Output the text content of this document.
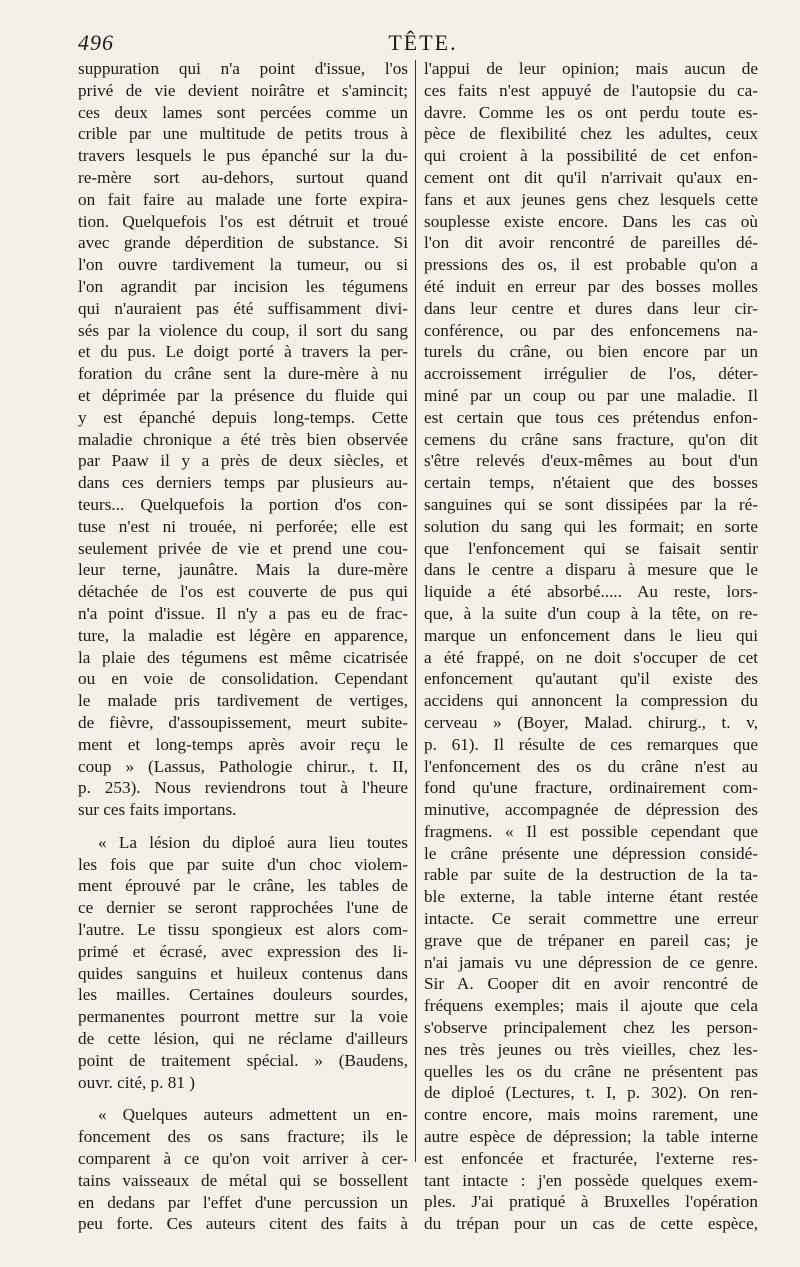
496	TÊTE.
suppuration qui n'a point d'issue, l'os
privé de vie devient noirâtre et s'amincit;
ces deux lames sont percées comme un
crible par une multitude de petits trous à
travers lesquels le pus épanché sur la du-
re-mère sort au-dehors, surtout quand
on fait faire au malade une forte expira-
tion. Quelquefois l'os est détruit et troué
avec grande déperdition de substance. Si
l'on ouvre tardivement la tumeur, ou si
l'on agrandit par incision les tégumens
qui n'auraient pas été suffisamment divi-
sés par la violence du coup, il sort du sang
et du pus. Le doigt porté à travers la per-
foration du crâne sent la dure-mère à nu
et déprimée par la présence du fluide qui
y est épanché depuis long-temps. Cette
maladie chronique a été très bien observée
par Paaw il y a près de deux siècles, et
dans ces derniers temps par plusieurs au-
teurs... Quelquefois la portion d'os con-
tuse n'est ni trouée, ni perforée; elle est
seulement privée de vie et prend une cou-
leur terne, jaunâtre. Mais la dure-mère
détachée de l'os est couverte de pus qui
n'a point d'issue. Il n'y a pas eu de frac-
ture, la maladie est légère en apparence,
la plaie des tégumens est même cicatrisée
ou en voie de consolidation. Cependant
le malade pris tardivement de vertiges,
de fièvre, d'assoupissement, meurt subite-
ment et long-temps après avoir reçu le
coup » (Lassus, Pathologie chirur., t. II,
p. 253). Nous reviendrons tout à l'heure
sur ces faits importans.
« La lésion du diploé aura lieu toutes
les fois que par suite d'un choc violem-
ment éprouvé par le crâne, les tables de
ce dernier se seront rapprochées l'une de
l'autre. Le tissu spongieux est alors com-
primé et écrasé, avec expression des li-
quides sanguins et huileux contenus dans
les mailles. Certaines douleurs sourdes,
permanentes pourront mettre sur la voie
de cette lésion, qui ne réclame d'ailleurs
point de traitement spécial. » (Baudens,
ouvr. cité, p. 81 )
« Quelques auteurs admettent un en-
foncement des os sans fracture; ils le
comparent à ce qu'on voit arriver à cer-
tains vaisseaux de métal qui se bossellent
en dedans par l'effet d'une percussion un
peu forte. Ces auteurs citent des faits à
l'appui de leur opinion; mais aucun de
ces faits n'est appuyé de l'autopsie du ca-
davre. Comme les os ont perdu toute es-
pèce de flexibilité chez les adultes, ceux
qui croient à la possibilité de cet enfon-
cement ont dit qu'il n'arrivait qu'aux en-
fans et aux jeunes gens chez lesquels cette
souplesse existe encore. Dans les cas où
l'on dit avoir rencontré de pareilles dé-
pressions des os, il est probable qu'on a
été induit en erreur par des bosses molles
dans leur centre et dures dans leur cir-
conférence, ou par des enfoncemens na-
turels du crâne, ou bien encore par un
accroissement irrégulier de l'os, déter-
miné par un coup ou par une maladie. Il
est certain que tous ces prétendus enfon-
cemens du crâne sans fracture, qu'on dit
s'être relevés d'eux-mêmes au bout d'un
certain temps, n'étaient que des bosses
sanguines qui se sont dissipées par la ré-
solution du sang qui les formait; en sorte
que l'enfoncement qui se faisait sentir
dans le centre a disparu à mesure que le
liquide a été absorbé..... Au reste, lors-
que, à la suite d'un coup à la tête, on re-
marque un enfoncement dans le lieu qui
a été frappé, on ne doit s'occuper de cet
enfoncement qu'autant qu'il existe des
accidens qui annoncent la compression du
cerveau » (Boyer, Malad. chirurg., t. v,
p. 61). Il résulte de ces remarques que
l'enfoncement des os du crâne n'est au
fond qu'une fracture, ordinairement com-
minutive, accompagnée de dépression des
fragmens. « Il est possible cependant que
le crâne présente une dépression considé-
rable par suite de la destruction de la ta-
ble externe, la table interne étant restée
intacte. Ce serait commettre une erreur
grave que de trépaner en pareil cas; je
n'ai jamais vu une dépression de ce genre.
Sir A. Cooper dit en avoir rencontré de
fréquens exemples; mais il ajoute que cela
s'observe principalement chez les person-
nes très jeunes ou très vieilles, chez les-
quelles les os du crâne ne présentent pas
de diploé (Lectures, t. I, p. 302). On ren-
contre encore, mais moins rarement, une
autre espèce de dépression; la table interne
est enfoncée et fracturée, l'externe res-
tant intacte : j'en possède quelques exem-
ples. J'ai pratiqué à Bruxelles l'opération
du trépan pour un cas de cette espèce,
